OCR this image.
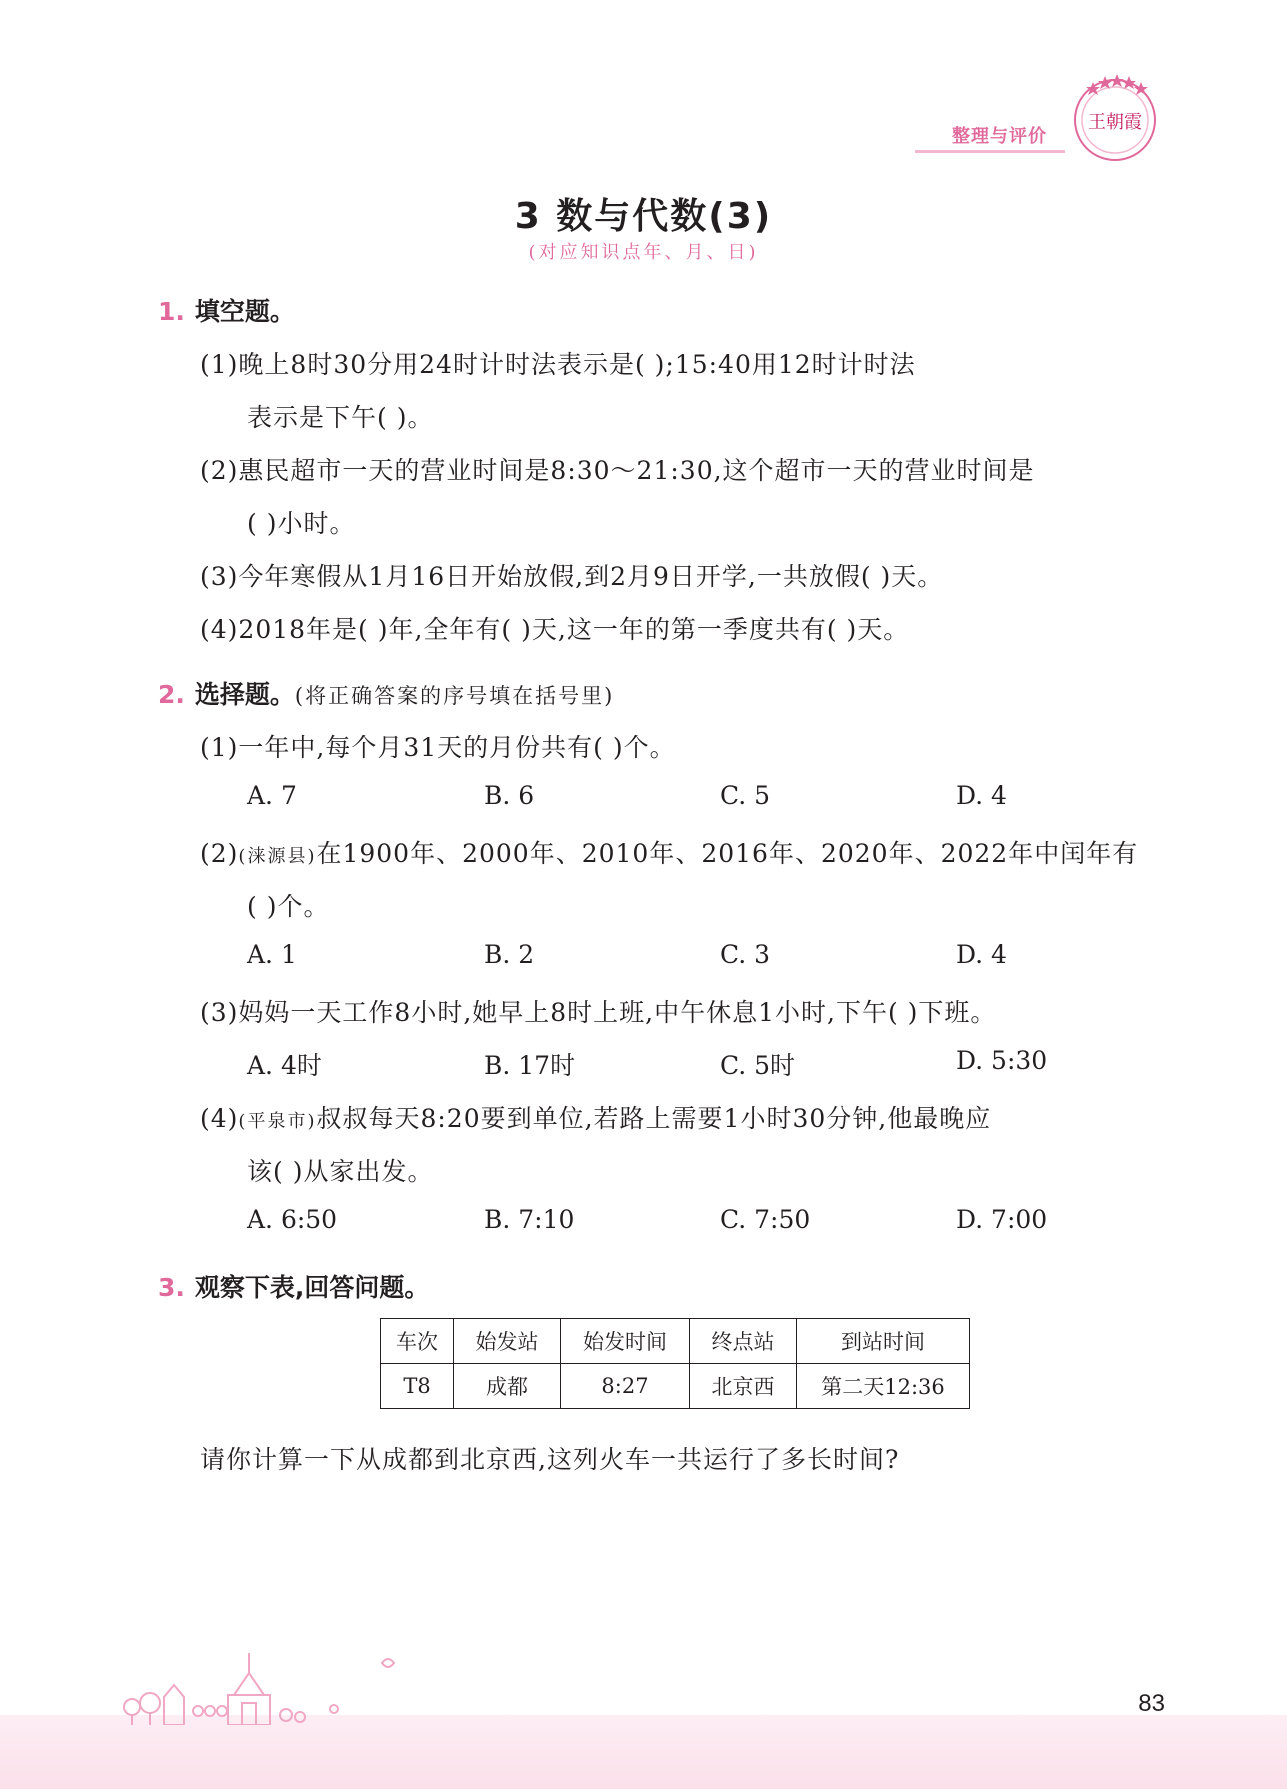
整理与评价
王朝霞
3 数与代数(3)
(对应知识点年、月、日)
1. 填空题。
(1)晚上8时30分用24时计时法表示是( );15:40用12时计时法
表示是下午( )。
(2)惠民超市一天的营业时间是8:30～21:30,这个超市一天的营业时间是
( )小时。
(3)今年寒假从1月16日开始放假,到2月9日开学,一共放假( )天。
(4)2018年是( )年,全年有( )天,这一年的第一季度共有( )天。
2. 选择题。(将正确答案的序号填在括号里)
(1)一年中,每个月31天的月份共有( )个。
A. 7	B. 6	C. 5	D. 4
(2)(涞源县)在1900年、2000年、2010年、2016年、2020年、2022年中闰年有
( )个。
A. 1	B. 2	C. 3	D. 4
(3)妈妈一天工作8小时,她早上8时上班,中午休息1小时,下午( )下班。
A. 4时	B. 17时	C. 5时	D. 5:30
(4)(平泉市)叔叔每天8:20要到单位,若路上需要1小时30分钟,他最晚应
该( )从家出发。
A. 6:50	B. 7:10	C. 7:50	D. 7:00
3. 观察下表,回答问题。
车次	始发站	始发时间	终点站	到站时间
T8	成都	8:27	北京西	第二天12:36
请你计算一下从成都到北京西,这列火车一共运行了多长时间?
83
